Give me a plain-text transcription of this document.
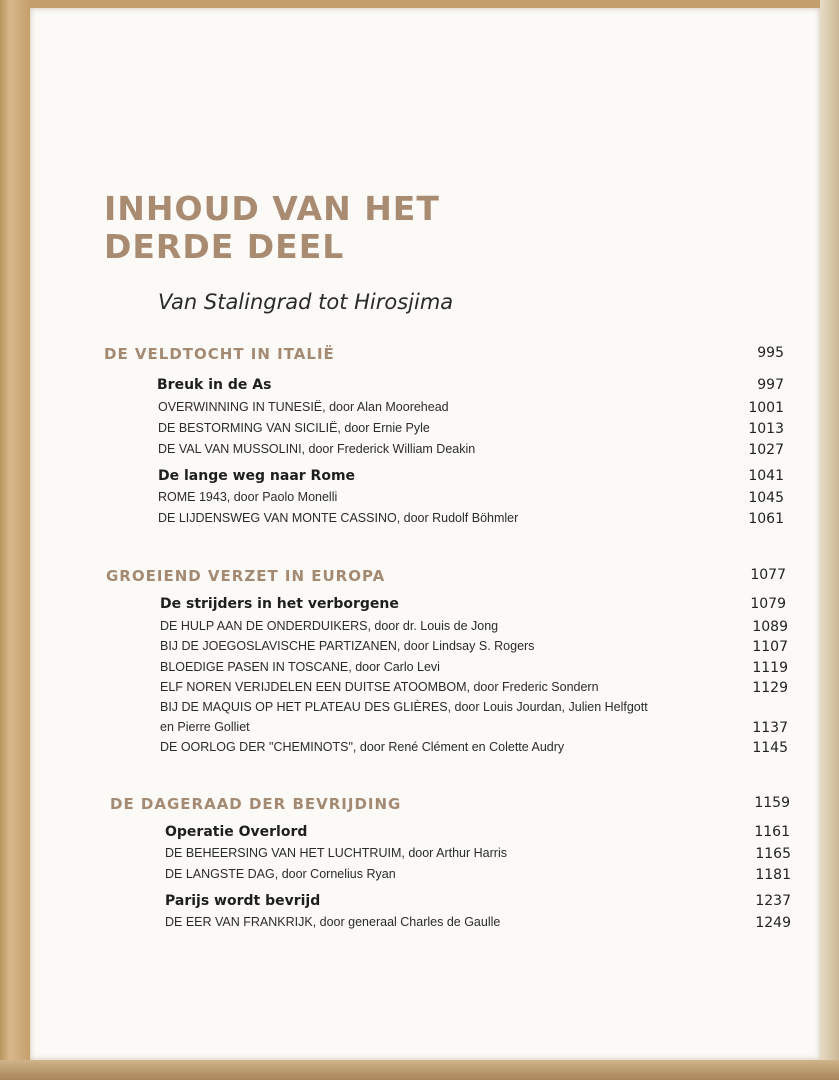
INHOUD VAN HET
DERDE DEEL
Van Stalingrad tot Hirosjima
DE VELDTOCHT IN ITALIË	995
Breuk in de As	997
OVERWINNING IN TUNESIË, door Alan Moorehead	1001
DE BESTORMING VAN SICILIË, door Ernie Pyle	1013
DE VAL VAN MUSSOLINI, door Frederick William Deakin	1027
De lange weg naar Rome	1041
ROME 1943, door Paolo Monelli	1045
DE LIJDENSWEG VAN MONTE CASSINO, door Rudolf Böhmler	1061
GROEIEND VERZET IN EUROPA	1077
De strijders in het verborgene	1079
DE HULP AAN DE ONDERDUIKERS, door dr. Louis de Jong	1089
BIJ DE JOEGOSLAVISCHE PARTIZANEN, door Lindsay S. Rogers	1107
BLOEDIGE PASEN IN TOSCANE, door Carlo Levi	1119
ELF NOREN VERIJDELEN EEN DUITSE ATOOMBOM, door Frederic Sondern	1129
BIJ DE MAQUIS OP HET PLATEAU DES GLIÈRES, door Louis Jourdan, Julien Helfgott
en Pierre Golliet	1137
DE OORLOG DER "CHEMINOTS", door René Clément en Colette Audry	1145
DE DAGERAAD DER BEVRIJDING	1159
Operatie Overlord	1161
DE BEHEERSING VAN HET LUCHTRUIM, door Arthur Harris	1165
DE LANGSTE DAG, door Cornelius Ryan	1181
Parijs wordt bevrijd	1237
DE EER VAN FRANKRIJK, door generaal Charles de Gaulle	1249
